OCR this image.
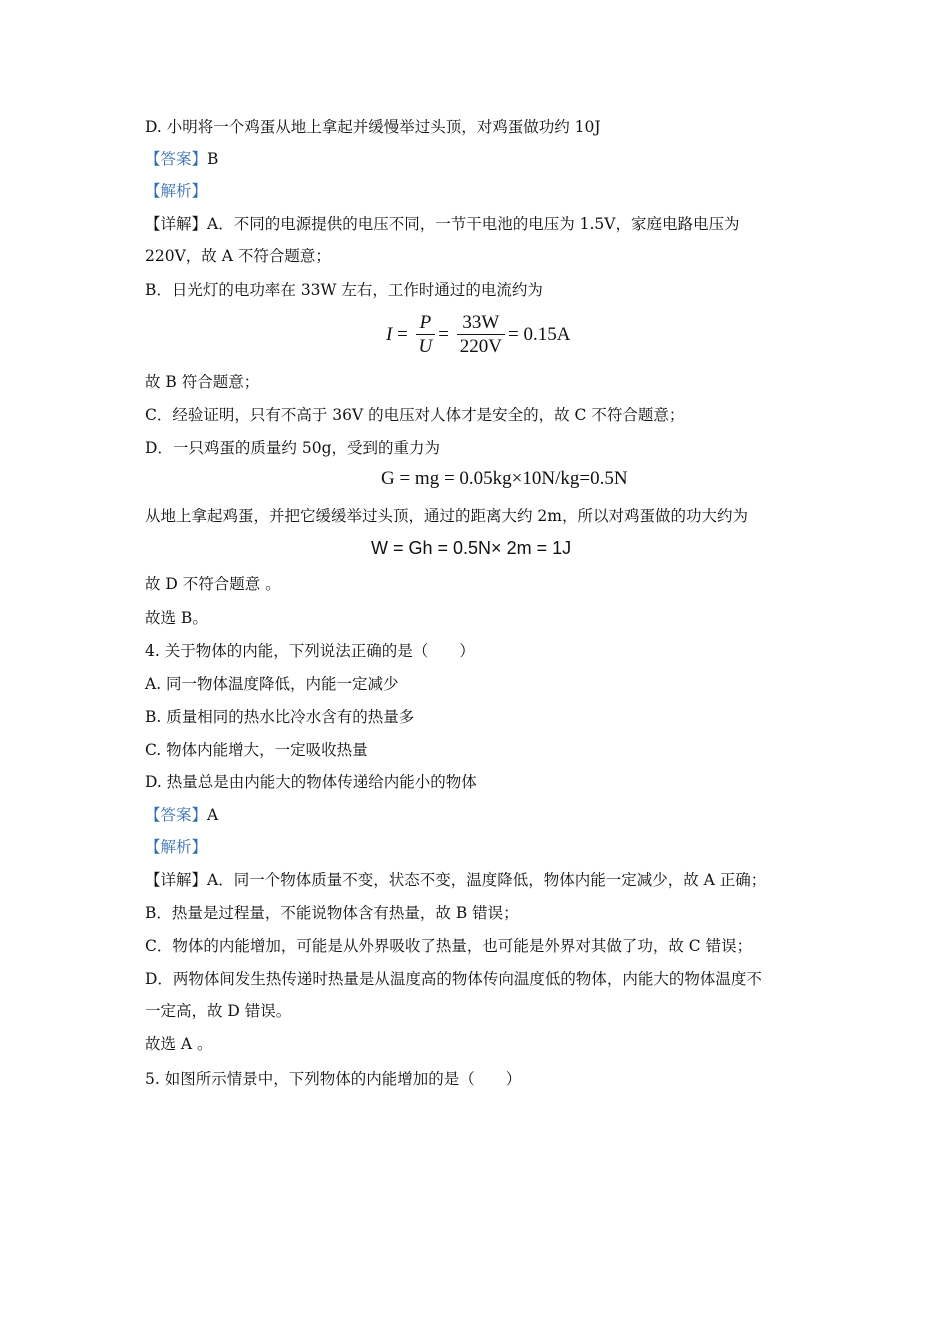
D. 小明将一个鸡蛋从地上拿起并缓慢举过头顶，对鸡蛋做功约 10J
【答案】B
【解析】
【详解】A．不同的电源提供的电压不同，一节干电池的电压为 1.5V，家庭电路电压为
220V，故 A 不符合题意；
B．日光灯的电功率在 33W 左右，工作时通过的电流约为
$I = \frac{P}{U} = \frac{33W}{220V} = 0.15A$
故 B 符合题意；
C．经验证明，只有不高于 36V 的电压对人体才是安全的，故 C 不符合题意；
D．一只鸡蛋的质量约 50g，受到的重力为
G = mg = 0.05kg×10N/kg=0.5N
从地上拿起鸡蛋，并把它缓缓举过头顶，通过的距离大约 2m，所以对鸡蛋做的功大约为
W = Gh = 0.5N× 2m = 1J
故 D 不符合题意 。
故选 B。
4. 关于物体的内能，下列说法正确的是（　　）
A. 同一物体温度降低，内能一定减少
B. 质量相同的热水比冷水含有的热量多
C. 物体内能增大，一定吸收热量
D. 热量总是由内能大的物体传递给内能小的物体
【答案】A
【解析】
【详解】A．同一个物体质量不变，状态不变，温度降低，物体内能一定减少，故 A 正确；
B．热量是过程量，不能说物体含有热量，故 B 错误；
C．物体的内能增加，可能是从外界吸收了热量，也可能是外界对其做了功，故 C 错误；
D．两物体间发生热传递时热量是从温度高的物体传向温度低的物体，内能大的物体温度不
一定高，故 D 错误。
故选 A 。
5. 如图所示情景中，下列物体的内能增加的是（　　）
